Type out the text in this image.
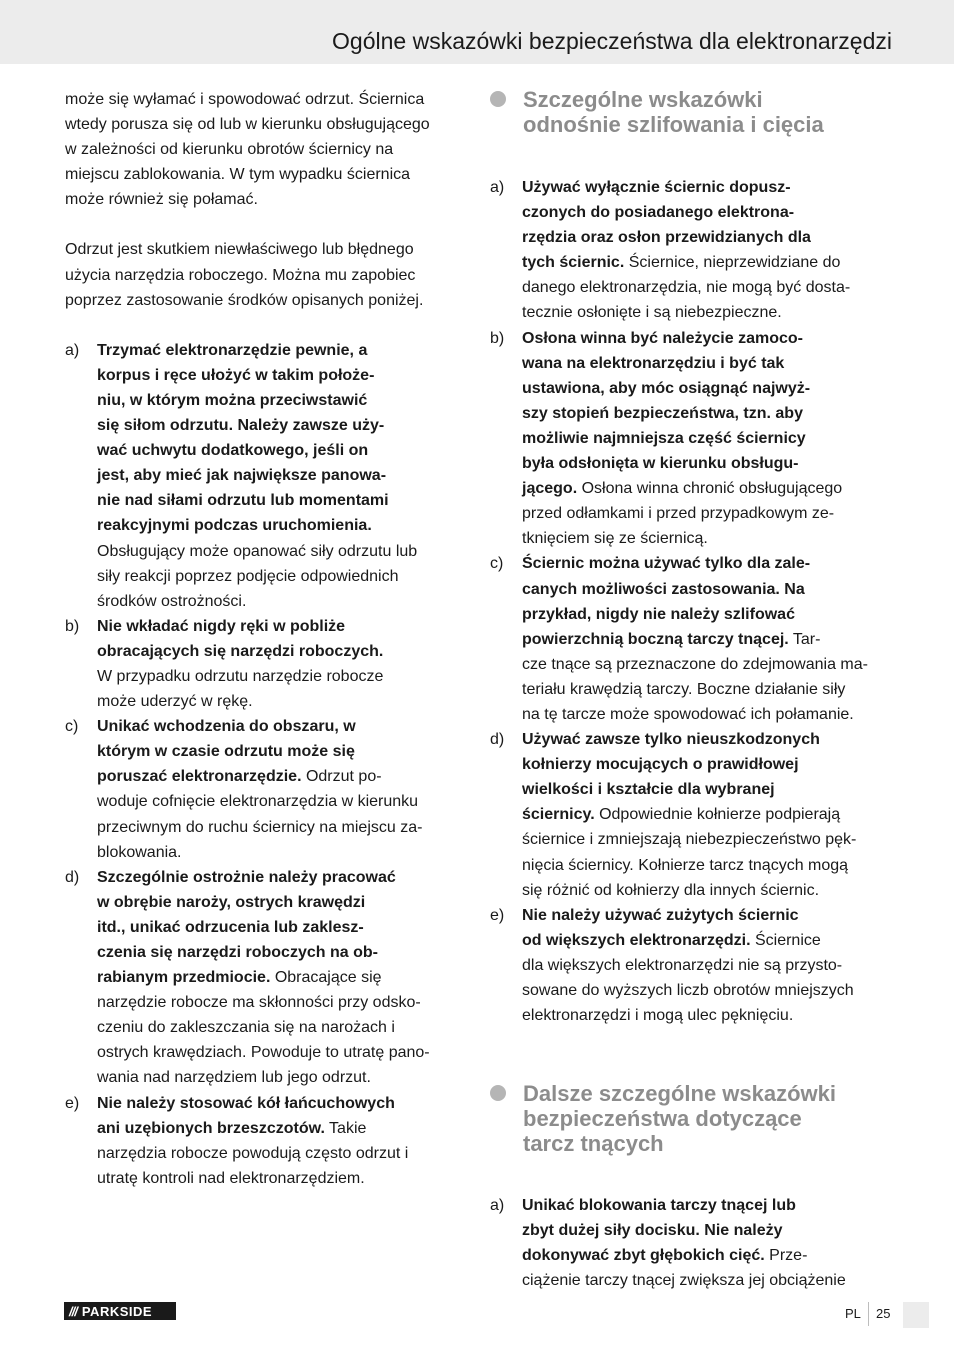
Ogólne wskazówki bezpieczeństwa dla elektronarzędzi
może się wyłamać i spowodować odrzut. Ściernica
wtedy porusza się od lub w kierunku obsługującego
w zależności od kierunku obrotów ściernicy na
miejscu zablokowania. W tym wypadku ściernica
może również się połamać.
Odrzut jest skutkiem niewłaściwego lub błędnego
użycia narzędzia roboczego. Można mu zapobiec
poprzez zastosowanie środków opisanych poniżej.
a)	Trzymać elektronarzędzie pewnie, a
korpus i ręce ułożyć w takim położe-
niu, w którym można przeciwstawić
się siłom odrzutu. Należy zawsze uży-
wać uchwytu dodatkowego, jeśli on
jest, aby mieć jak największe panowa-
nie nad siłami odrzutu lub momentami
reakcyjnymi podczas uruchomienia.
Obsługujący może opanować siły odrzutu lub
siły reakcji poprzez podjęcie odpowiednich
środków ostrożności.
b)	Nie wkładać nigdy ręki w pobliże
obracających się narzędzi roboczych.
W przypadku odrzutu narzędzie robocze
może uderzyć w rękę.
c)	Unikać wchodzenia do obszaru, w
którym w czasie odrzutu może się
poruszać elektronarzędzie. Odrzut po-
woduje cofnięcie elektronarzędzia w kierunku
przeciwnym do ruchu ściernicy na miejscu za-
blokowania.
d)	Szczególnie ostrożnie należy pracować
w obrębie naroży, ostrych krawędzi
itd., unikać odrzucenia lub zaklesz-
czenia się narzędzi roboczych na ob-
rabianym przedmiocie. Obracające się
narzędzie robocze ma skłonności przy odsko-
czeniu do zakleszczania się na narożach i
ostrych krawędziach. Powoduje to utratę pano-
wania nad narzędziem lub jego odrzut.
e)	Nie należy stosować kół łańcuchowych
ani uzębionych brzeszczotów. Takie
narzędzia robocze powodują często odrzut i
utratę kontroli nad elektronarzędziem.
Szczególne wskazówki
odnośnie szlifowania i cięcia
a)	Używać wyłącznie ściernic dopusz-
czonych do posiadanego elektrona-
rzędzia oraz osłon przewidzianych dla
tych ściernic. Ściernice, nieprzewidziane do
danego elektronarzędzia, nie mogą być dosta-
tecznie osłonięte i są niebezpieczne.
b)	Osłona winna być należycie zamoco-
wana na elektronarzędziu i być tak
ustawiona, aby móc osiągnąć najwyż-
szy stopień bezpieczeństwa, tzn. aby
możliwie najmniejsza część ściernicy
była odsłonięta w kierunku obsługu-
jącego. Osłona winna chronić obsługującego
przed odłamkami i przed przypadkowym ze-
tknięciem się ze ściernicą.
c)	Ściernic można używać tylko dla zale-
canych możliwości zastosowania. Na
przykład, nigdy nie należy szlifować
powierzchnią boczną tarczy tnącej. Tar-
cze tnące są przeznaczone do zdejmowania ma-
teriału krawędzią tarczy. Boczne działanie siły
na tę tarcze może spowodować ich połamanie.
d)	Używać zawsze tylko nieuszkodzonych
kołnierzy mocujących o prawidłowej
wielkości i kształcie dla wybranej
ściernicy. Odpowiednie kołnierze podpierają
ściernice i zmniejszają niebezpieczeństwo pęk-
nięcia ściernicy. Kołnierze tarcz tnących mogą
się różnić od kołnierzy dla innych ściernic.
e)	Nie należy używać zużytych ściernic
od większych elektronarzędzi. Ściernice
dla większych elektronarzędzi nie są przysto-
sowane do wyższych liczb obrotów mniejszych
elektronarzędzi i mogą ulec pęknięciu.
Dalsze szczególne wskazówki
bezpieczeństwa dotyczące
tarcz tnących
a)	Unikać blokowania tarczy tnącej lub
zbyt dużej siły docisku. Nie należy
dokonywać zbyt głębokich cięć. Prze-
ciążenie tarczy tnącej zwiększa jej obciążenie
/// PARKSIDE	PL 25
